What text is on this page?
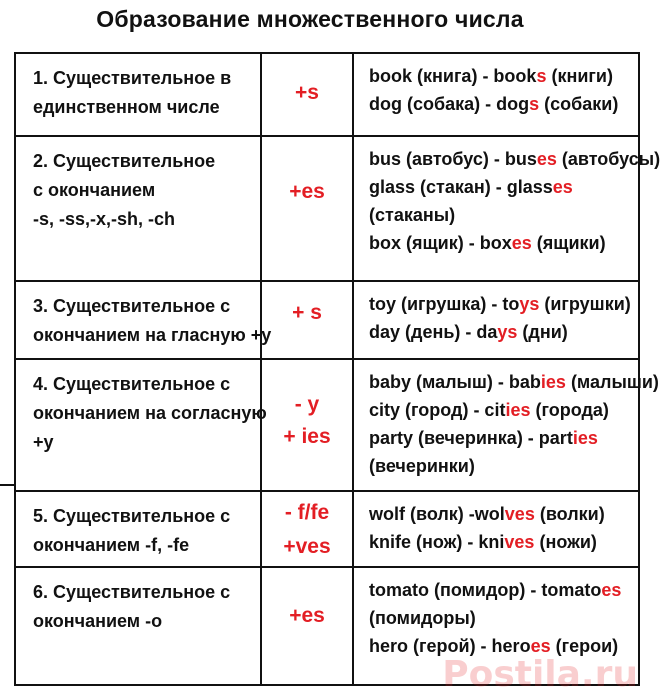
Образование множественного числа
1. Существительное в
единственном числе
+s
book (книга) - books (книги)
dog (собака) - dogs (собаки)
2. Существительное
с окончанием
-s, -ss,-x,-sh, -ch
+es
bus (автобус) - buses (автобусы)
glass (стакан) - glasses
(стаканы)
box (ящик) - boxes (ящики)
3. Существительное с
окончанием на гласную +y
+ s	toy (игрушка) - toys (игрушки)
day (день) - days (дни)
4. Существительное с
окончанием на согласную
+y
- y
+ ies
baby (малыш) - babies (малыши)
city (город) - cities (города)
party (вечеринка) - parties
(вечеринки)
5. Существительное с
окончанием -f, -fe
- f/fe
+ves
wolf (волк) -wolves (волки)
knife (нож) - knives (ножи)
6. Существительное с
окончанием -o	+es
tomato (помидор) - tomatoes
(помидоры)
hero (герой) - heroes (герои)
Postila.ru
